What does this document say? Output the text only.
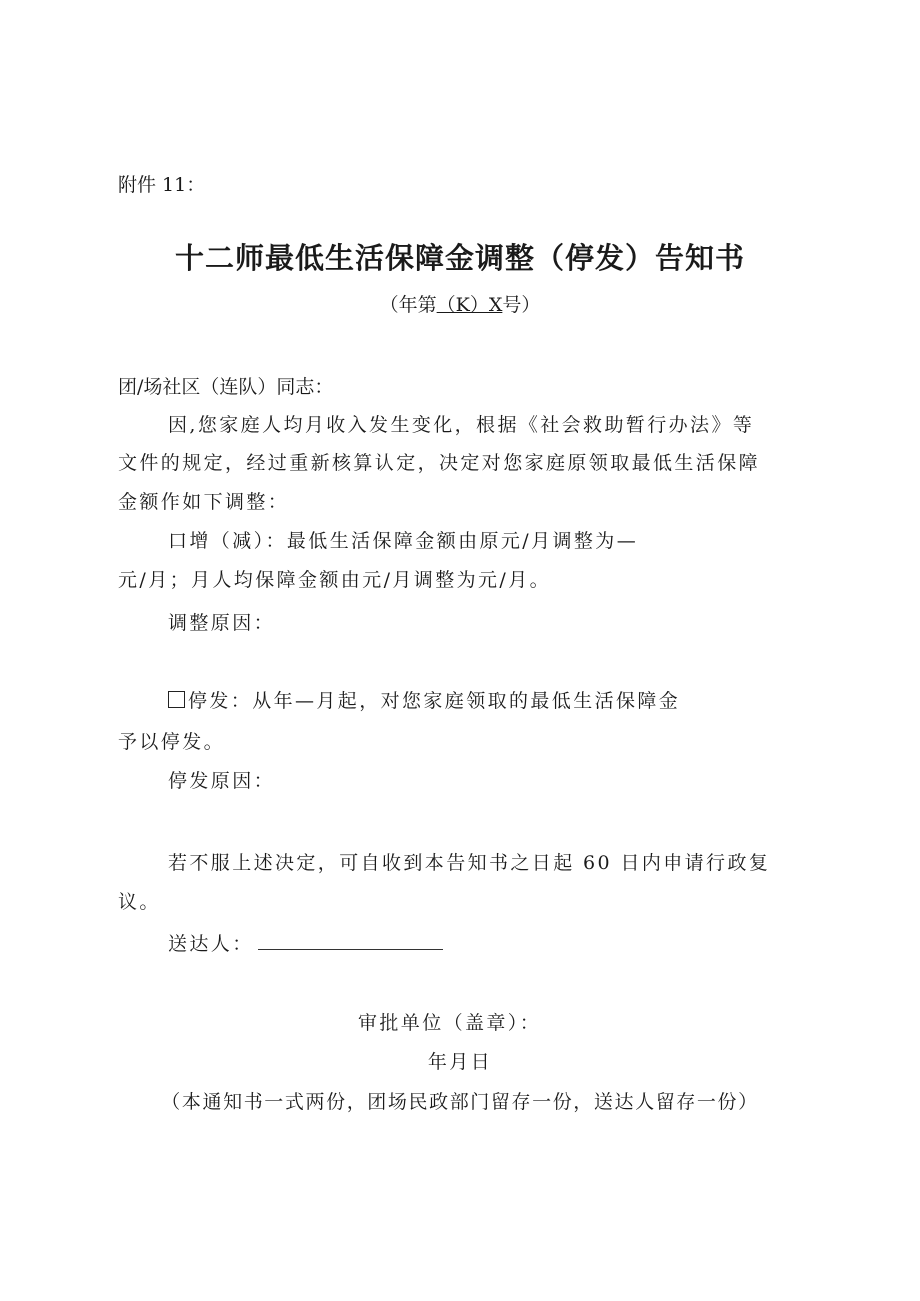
附件 11：
十二师最低生活保障金调整（停发）告知书
（年第（K）X号）
团/场社区（连队）同志：
因,您家庭人均月收入发生变化，根据《社会救助暂行办法》等
文件的规定，经过重新核算认定，决定对您家庭原领取最低生活保障
金额作如下调整：
口增（减）：最低生活保障金额由原元/月调整为—
元/月；月人均保障金额由元/月调整为元/月。
调整原因：
停发：从年—月起，对您家庭领取的最低生活保障金
予以停发。
停发原因：
若不服上述决定，可自收到本告知书之日起 60 日内申请行政复
议。
送达人：
审批单位（盖章）：
年月日
（本通知书一式两份，团场民政部门留存一份，送达人留存一份）
